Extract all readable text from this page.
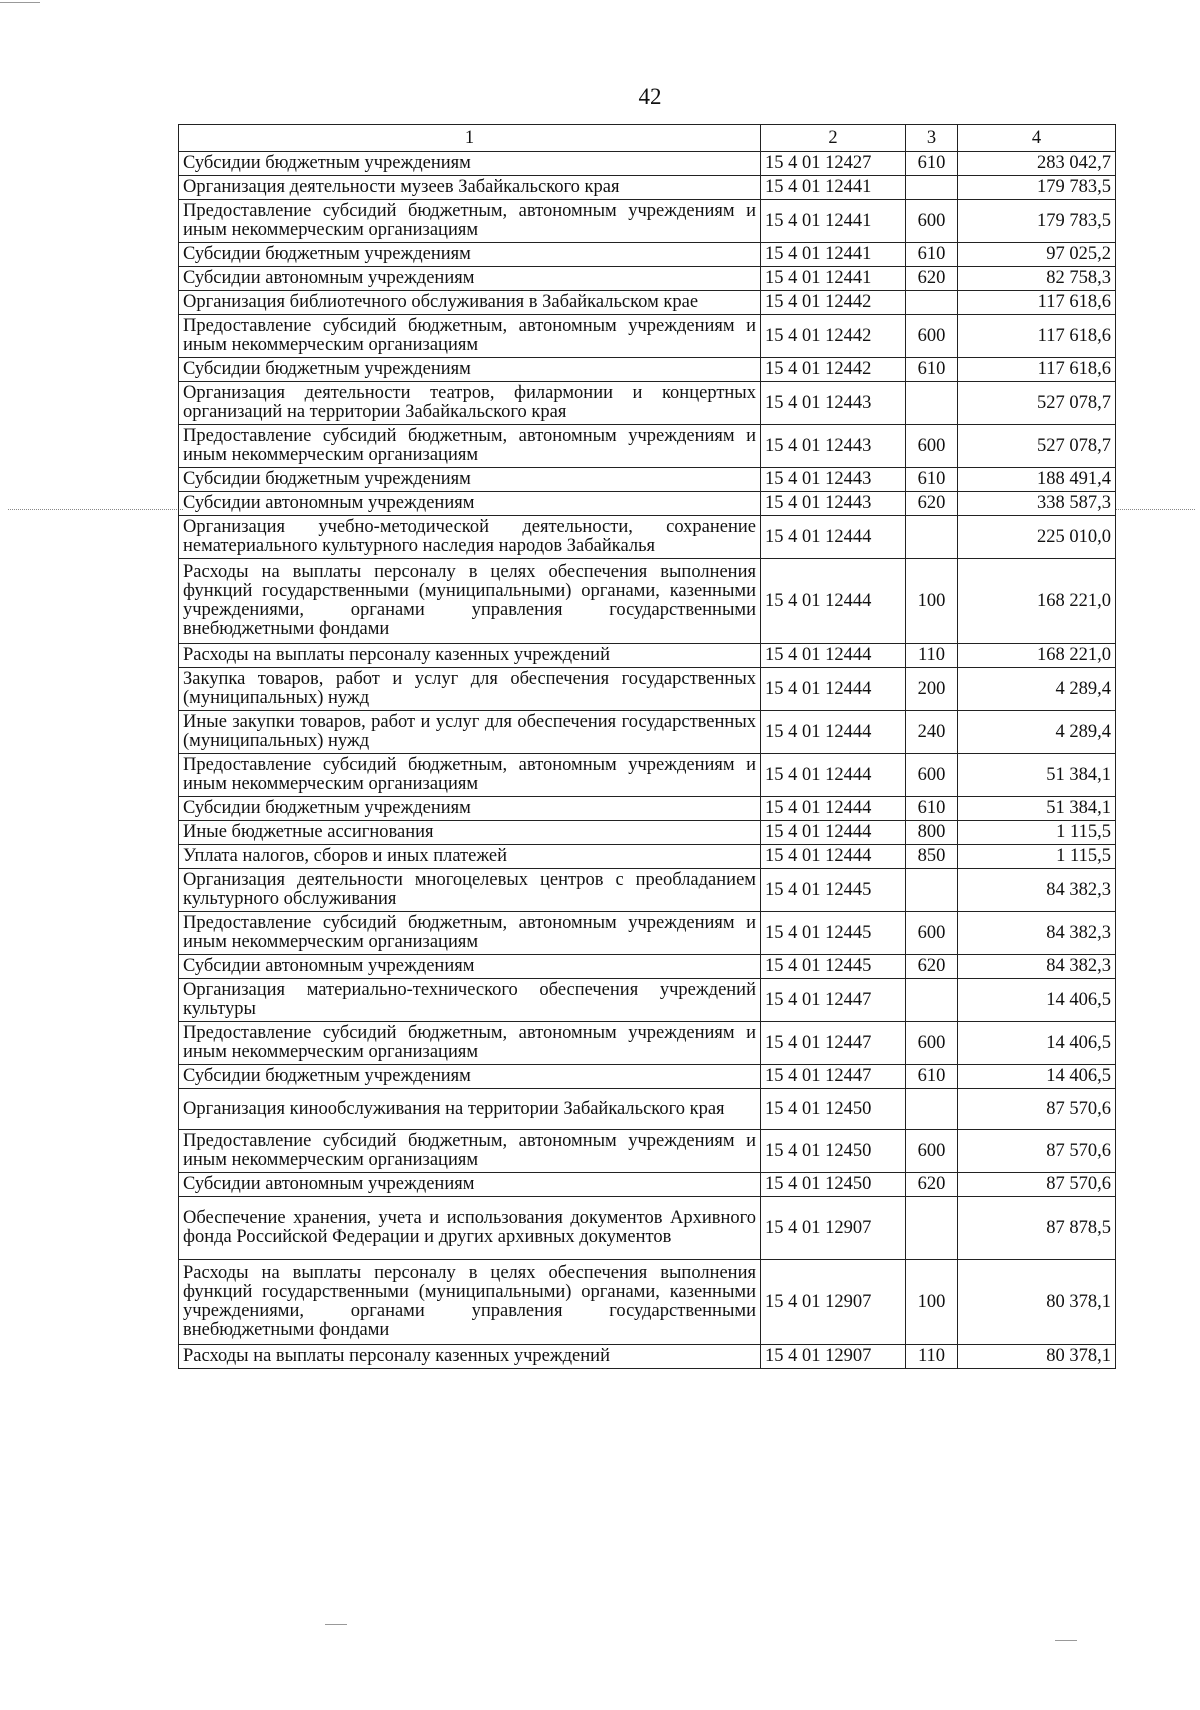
42
1	2	3	4
Субсидии бюджетным учреждениям	15 4 01 12427	610	283 042,7
Организация деятельности музеев Забайкальского края	15 4 01 12441		179 783,5
Предоставление субсидий бюджетным, автономным учреждениям и иным некоммерческим организациям	15 4 01 12441	600	179 783,5
Субсидии бюджетным учреждениям	15 4 01 12441	610	97 025,2
Субсидии автономным учреждениям	15 4 01 12441	620	82 758,3
Организация библиотечного обслуживания в Забайкальском крае	15 4 01 12442		117 618,6
Предоставление субсидий бюджетным, автономным учреждениям и иным некоммерческим организациям	15 4 01 12442	600	117 618,6
Субсидии бюджетным учреждениям	15 4 01 12442	610	117 618,6
Организация деятельности театров, филармонии и концертных организаций на территории Забайкальского края	15 4 01 12443		527 078,7
Предоставление субсидий бюджетным, автономным учреждениям и иным некоммерческим организациям	15 4 01 12443	600	527 078,7
Субсидии бюджетным учреждениям	15 4 01 12443	610	188 491,4
Субсидии автономным учреждениям	15 4 01 12443	620	338 587,3
Организация учебно-методической деятельности, сохранение нематериального культурного наследия народов Забайкалья	15 4 01 12444		225 010,0
Расходы на выплаты персоналу в целях обеспечения выполнения функций государственными (муниципальными) органами, казенными учреждениями, органами управления государственными внебюджетными фондами	15 4 01 12444	100	168 221,0
Расходы на выплаты персоналу казенных учреждений	15 4 01 12444	110	168 221,0
Закупка товаров, работ и услуг для обеспечения государственных (муниципальных) нужд	15 4 01 12444	200	4 289,4
Иные закупки товаров, работ и услуг для обеспечения государственных (муниципальных) нужд	15 4 01 12444	240	4 289,4
Предоставление субсидий бюджетным, автономным учреждениям и иным некоммерческим организациям	15 4 01 12444	600	51 384,1
Субсидии бюджетным учреждениям	15 4 01 12444	610	51 384,1
Иные бюджетные ассигнования	15 4 01 12444	800	1 115,5
Уплата налогов, сборов и иных платежей	15 4 01 12444	850	1 115,5
Организация деятельности многоцелевых центров с преобладанием культурного обслуживания	15 4 01 12445		84 382,3
Предоставление субсидий бюджетным, автономным учреждениям и иным некоммерческим организациям	15 4 01 12445	600	84 382,3
Субсидии автономным учреждениям	15 4 01 12445	620	84 382,3
Организация материально-технического обеспечения учреждений культуры	15 4 01 12447		14 406,5
Предоставление субсидий бюджетным, автономным учреждениям и иным некоммерческим организациям	15 4 01 12447	600	14 406,5
Субсидии бюджетным учреждениям	15 4 01 12447	610	14 406,5
Организация кинообслуживания на территории Забайкальского края	15 4 01 12450		87 570,6
Предоставление субсидий бюджетным, автономным учреждениям и иным некоммерческим организациям	15 4 01 12450	600	87 570,6
Субсидии автономным учреждениям	15 4 01 12450	620	87 570,6
Обеспечение хранения, учета и использования документов Архивного фонда Российской Федерации и других архивных документов	15 4 01 12907		87 878,5
Расходы на выплаты персоналу в целях обеспечения выполнения функций государственными (муниципальными) органами, казенными учреждениями, органами управления государственными внебюджетными фондами	15 4 01 12907	100	80 378,1
Расходы на выплаты персоналу казенных учреждений	15 4 01 12907	110	80 378,1
